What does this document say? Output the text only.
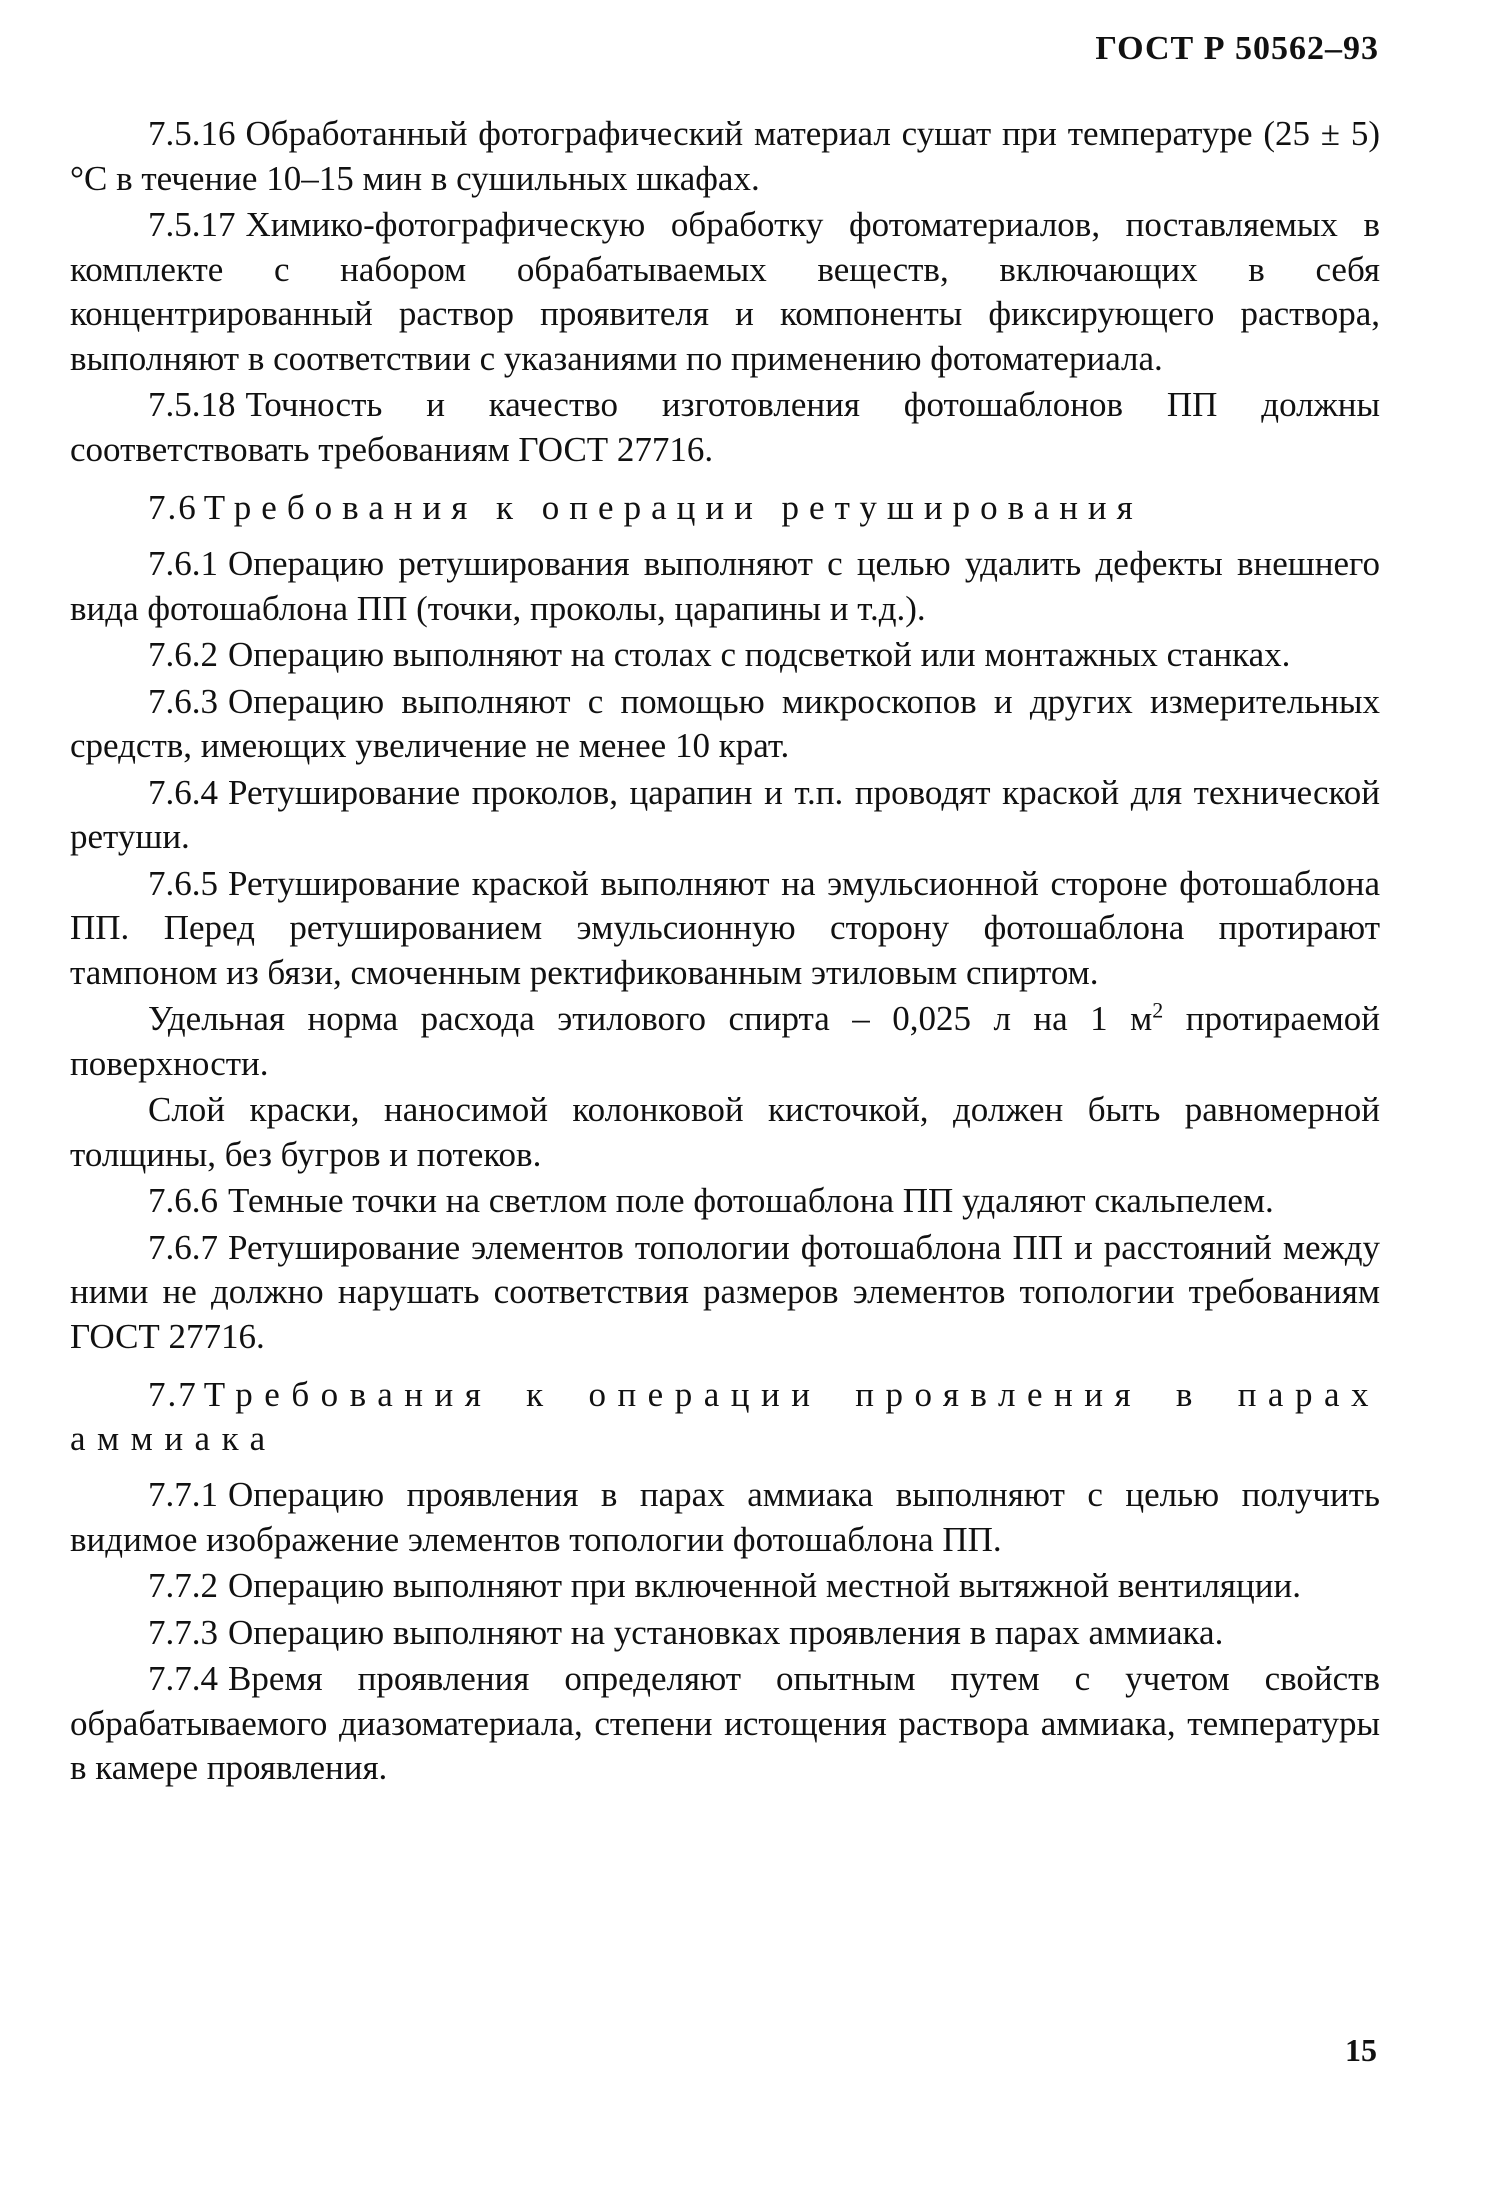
ГОСТ Р 50562–93

7.5.16 Обработанный фотографический материал сушат при температуре (25 ± 5) °С в течение 10–15 мин в сушильных шкафах.

7.5.17 Химико-фотографическую обработку фотоматериалов, поставляемых в комплекте с набором обрабатываемых веществ, включающих в себя концентрированный раствор проявителя и компоненты фиксирующего раствора, выполняют в соответствии с указаниями по применению фотоматериала.

7.5.18 Точность и качество изготовления фотошаблонов ПП должны соответствовать требованиям ГОСТ 27716.

7.6 Требования к операции ретуширования

7.6.1 Операцию ретуширования выполняют с целью удалить дефекты внешнего вида фотошаблона ПП (точки, проколы, царапины и т.д.).

7.6.2 Операцию выполняют на столах с подсветкой или монтажных станках.

7.6.3 Операцию выполняют с помощью микроскопов и других измерительных средств, имеющих увеличение не менее 10 крат.

7.6.4 Ретуширование проколов, царапин и т.п. проводят краской для технической ретуши.

7.6.5 Ретуширование краской выполняют на эмульсионной стороне фотошаблона ПП. Перед ретушированием эмульсионную сторону фотошаблона протирают тампоном из бязи, смоченным ректификованным этиловым спиртом.

Удельная норма расхода этилового спирта – 0,025 л на 1 $м^2$ протираемой поверхности.

Слой краски, наносимой колонковой кисточкой, должен быть равномерной толщины, без бугров и потеков.

7.6.6 Темные точки на светлом поле фотошаблона ПП удаляют скальпелем.

7.6.7 Ретуширование элементов топологии фотошаблона ПП и расстояний между ними не должно нарушать соответствия размеров элементов топологии требованиям ГОСТ 27716.

7.7 Требования к операции проявления в парах аммиака

7.7.1 Операцию проявления в парах аммиака выполняют с целью получить видимое изображение элементов топологии фотошаблона ПП.

7.7.2 Операцию выполняют при включенной местной вытяжной вентиляции.

7.7.3 Операцию выполняют на установках проявления в парах аммиака.

7.7.4 Время проявления определяют опытным путем с учетом свойств обрабатываемого диазоматериала, степени истощения раствора аммиака, температуры в камере проявления.

15
